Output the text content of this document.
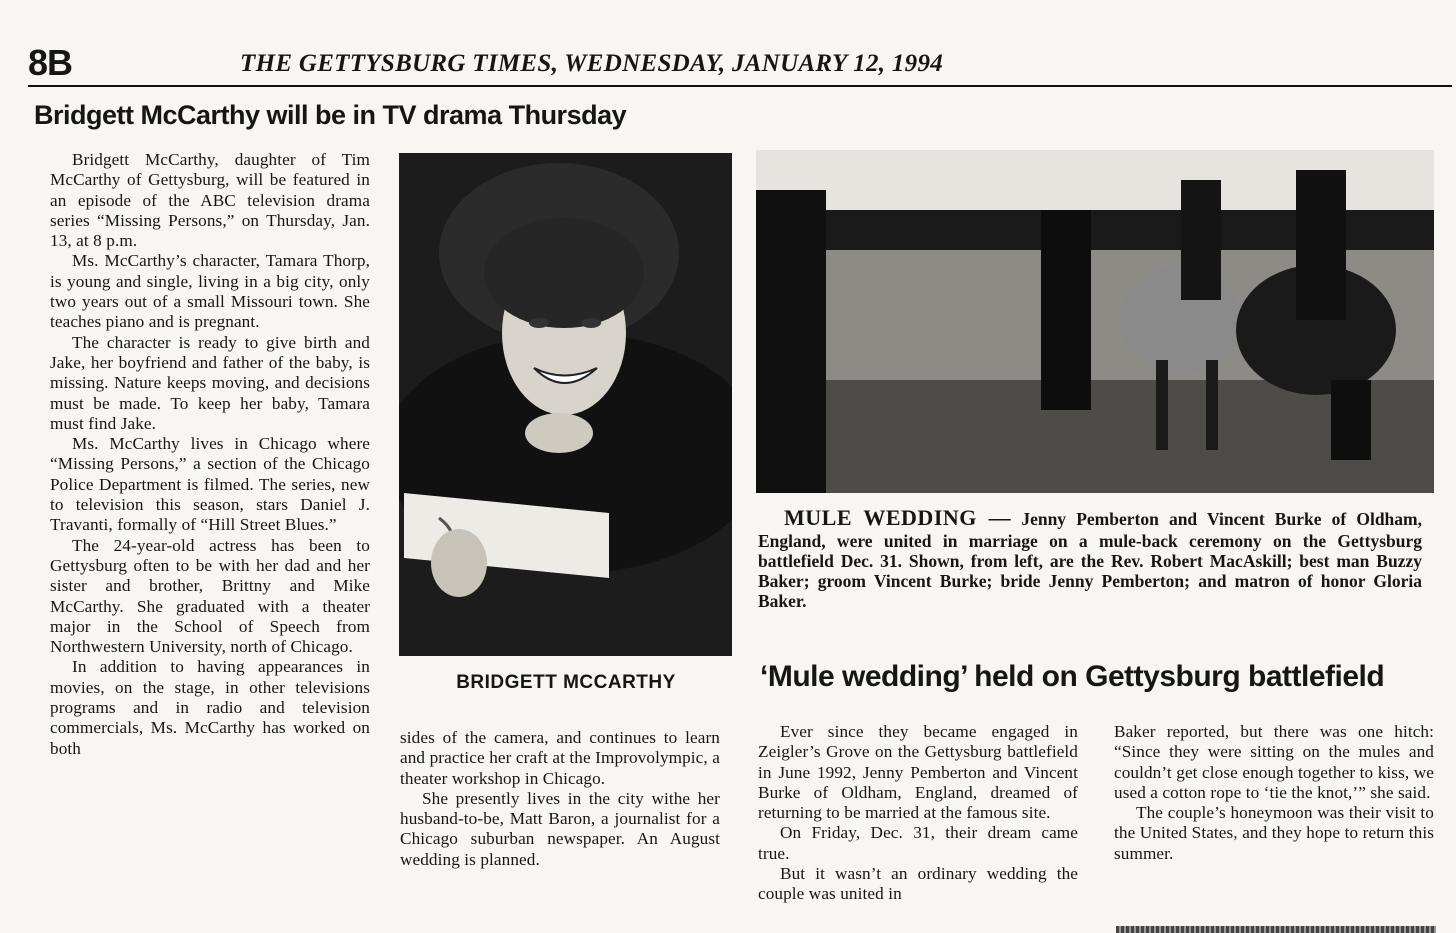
8B	THE GETTYSBURG TIMES, WEDNESDAY, JANUARY 12, 1994
Bridgett McCarthy will be in TV drama Thursday

Bridgett McCarthy, daughter of Tim McCarthy of Gettysburg, will be featured in an episode of the ABC television drama series “Missing Persons,” on Thursday, Jan. 13, at 8 p.m.

Ms. McCarthy’s character, Tamara Thorp, is young and single, living in a big city, only two years out of a small Missouri town. She teaches piano and is pregnant.

The character is ready to give birth and Jake, her boyfriend and father of the baby, is missing. Nature keeps moving, and decisions must be made. To keep her baby, Tamara must find Jake.

Ms. McCarthy lives in Chicago where “Missing Persons,” a section of the Chicago Police Department is filmed. The series, new to television this season, stars Daniel J. Travanti, formally of “Hill Street Blues.”

The 24-year-old actress has been to Gettysburg often to be with her dad and her sister and brother, Brittny and Mike McCarthy. She graduated with a theater major in the School of Speech from Northwestern University, north of Chicago.

In addition to having appearances in movies, on the stage, in other televisions programs and in radio and television commercials, Ms. McCarthy has worked on both

BRIDGETT MCCARTHY

sides of the camera, and continues to learn and practice her craft at the Improvolympic, a theater workshop in Chicago.

She presently lives in the city withe her husband-to-be, Matt Baron, a journalist for a Chicago suburban newspaper. An August wedding is planned.

MULE WEDDING — Jenny Pemberton and Vincent Burke of Oldham, England, were united in marriage on a mule-back ceremony on the Gettysburg battlefield Dec. 31. Shown, from left, are the Rev. Robert MacAskill; best man Buzzy Baker; groom Vincent Burke; bride Jenny Pemberton; and matron of honor Gloria Baker.
‘Mule wedding’ held on Gettysburg battlefield

Ever since they became engaged in Zeigler’s Grove on the Gettysburg battlefield in June 1992, Jenny Pemberton and Vincent Burke of Oldham, England, dreamed of returning to be married at the famous site.

On Friday, Dec. 31, their dream came true.

But it wasn’t an ordinary wedding the couple was united in

Baker reported, but there was one hitch: “Since they were sitting on the mules and couldn’t get close enough together to kiss, we used a cotton rope to ‘tie the knot,’” she said.

The couple’s honeymoon was their visit to the United States, and they hope to return this summer.
